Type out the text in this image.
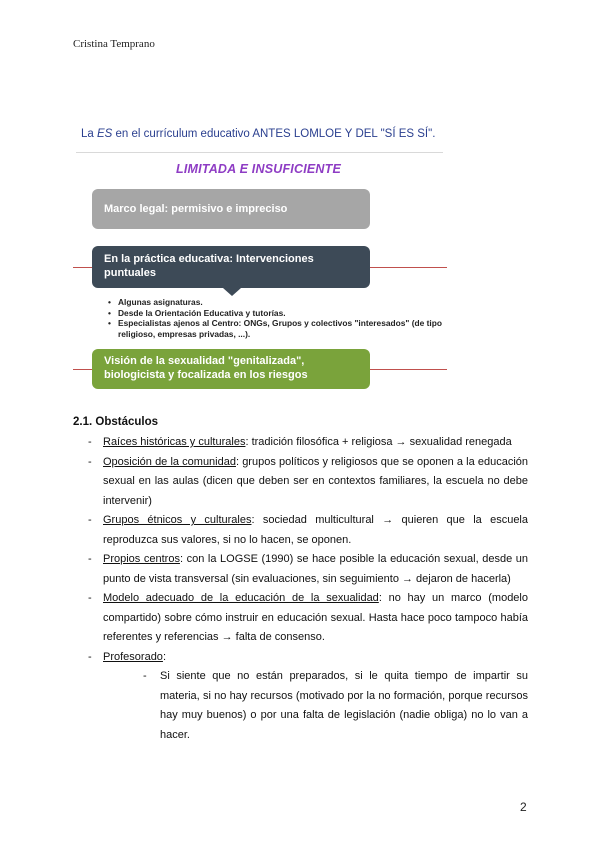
Cristina Temprano
La ES en el currículum educativo ANTES LOMLOE Y DEL "SÍ ES SÍ".
LIMITADA E INSUFICIENTE
Marco legal: permisivo e impreciso
En la práctica educativa: Intervenciones puntuales
• Algunas asignaturas.
• Desde la Orientación Educativa y tutorías.
• Especialistas ajenos al Centro: ONGs, Grupos y colectivos "interesados" (de tipo religioso, empresas privadas, ...).
Visión de la sexualidad "genitalizada", biologicista y focalizada en los riesgos
2.1. Obstáculos
- Raíces históricas y culturales: tradición filosófica + religiosa → sexualidad renegada
- Oposición de la comunidad: grupos políticos y religiosos que se oponen a la educación sexual en las aulas (dicen que deben ser en contextos familiares, la escuela no debe intervenir)
- Grupos étnicos y culturales: sociedad multicultural → quieren que la escuela reproduzca sus valores, si no lo hacen, se oponen.
- Propios centros: con la LOGSE (1990) se hace posible la educación sexual, desde un punto de vista transversal (sin evaluaciones, sin seguimiento → dejaron de hacerla)
- Modelo adecuado de la educación de la sexualidad: no hay un marco (modelo compartido) sobre cómo instruir en educación sexual. Hasta hace poco tampoco había referentes y referencias → falta de consenso.
- Profesorado:
- Si siente que no están preparados, si le quita tiempo de impartir su materia, si no hay recursos (motivado por la no formación, porque recursos hay muy buenos) o por una falta de legislación (nadie obliga) no lo van a hacer.
2
